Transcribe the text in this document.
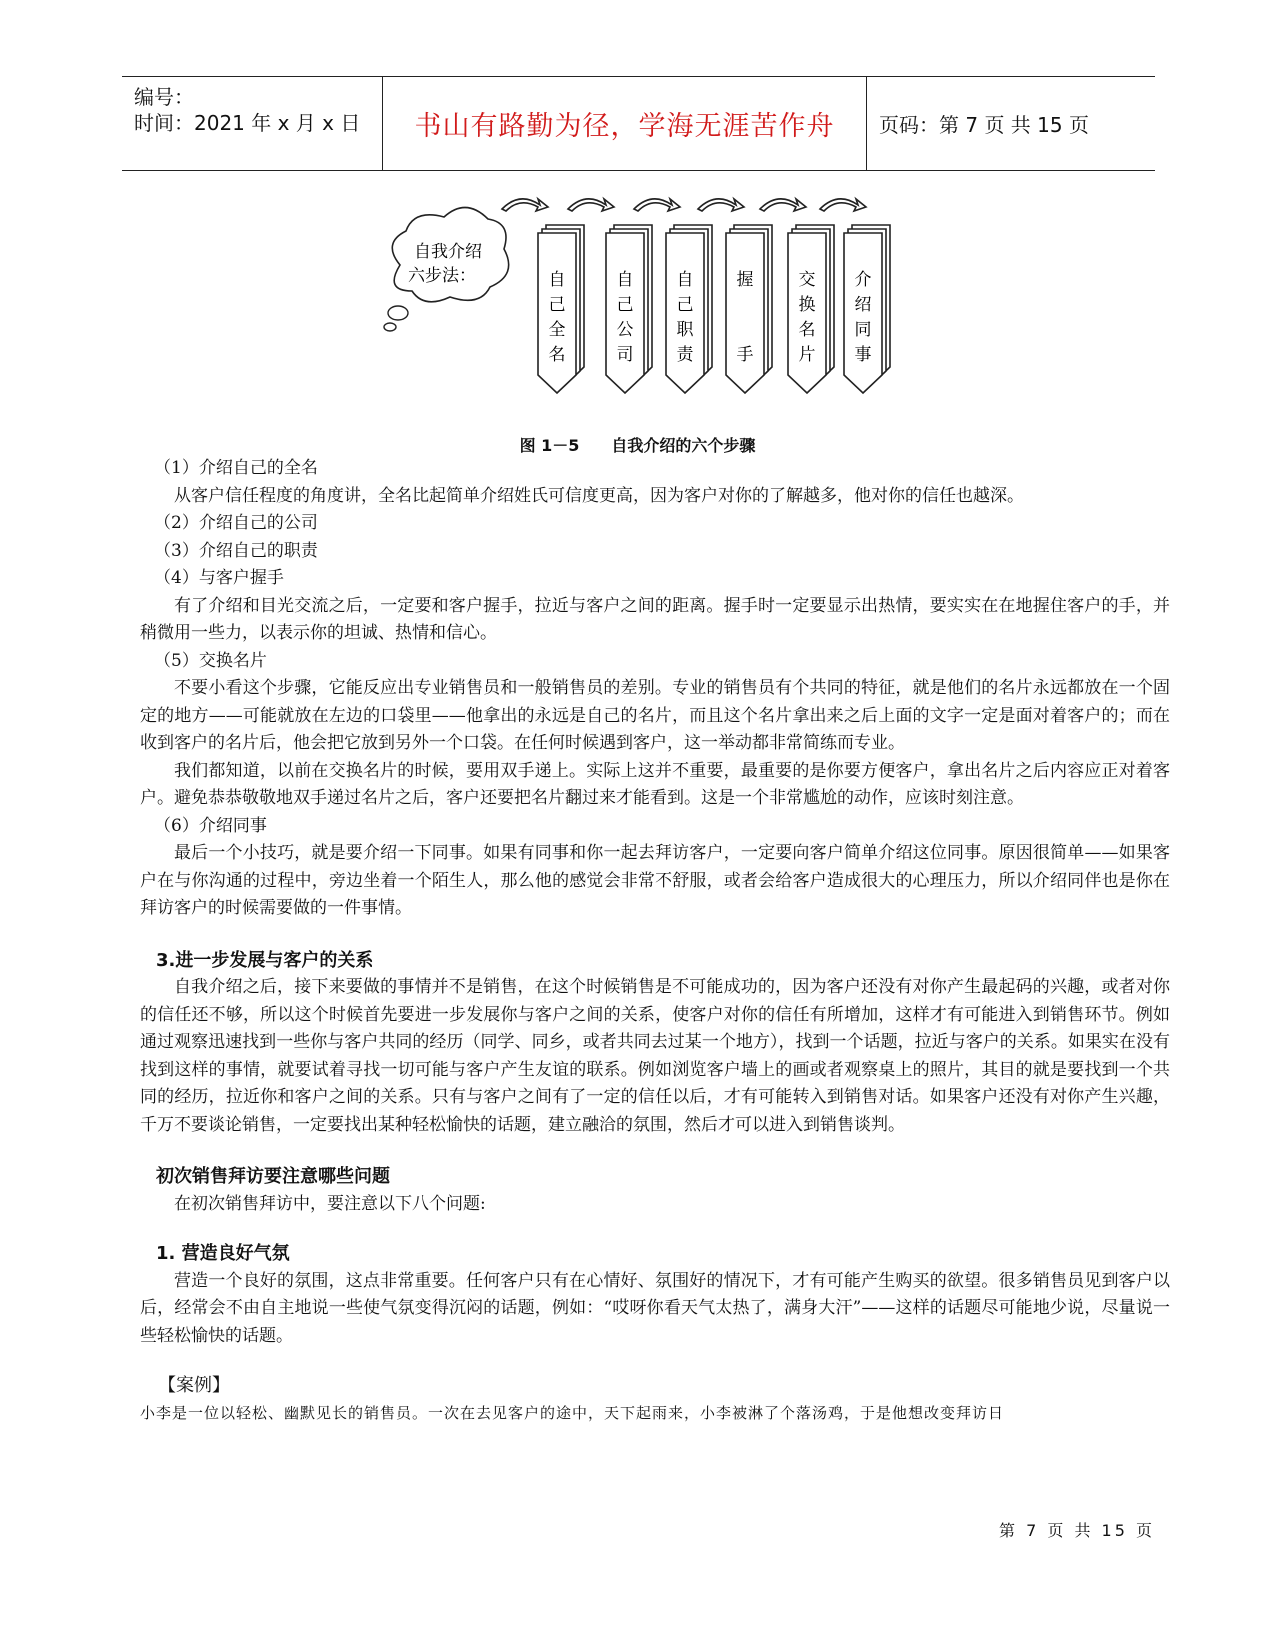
编号：
时间：2021 年 x 月 x 日 书山有路勤为径，学海无涯苦作舟 页码：第 7 页 共 15 页
自我介绍
六步法：	自
己
全
名
自
己
公
司
自
己
职
责
握
手
交
换
名
片
介
绍
同
事
图 1－5　　自我介绍的六个步骤

（1）介绍自己的全名

从客户信任程度的角度讲，全名比起简单介绍姓氏可信度更高，因为客户对你的了解越多，他对你的信任也越深。

（2）介绍自己的公司

（3）介绍自己的职责

（4）与客户握手

有了介绍和目光交流之后，一定要和客户握手，拉近与客户之间的距离。握手时一定要显示出热情，要实实在在地握住客户的手，并稍微用一些力，以表示你的坦诚、热情和信心。

（5）交换名片

不要小看这个步骤，它能反应出专业销售员和一般销售员的差别。专业的销售员有个共同的特征，就是他们的名片永远都放在一个固定的地方——可能就放在左边的口袋里——他拿出的永远是自己的名片，而且这个名片拿出来之后上面的文字一定是面对着客户的；而在收到客户的名片后，他会把它放到另外一个口袋。在任何时候遇到客户，这一举动都非常简练而专业。

我们都知道，以前在交换名片的时候，要用双手递上。实际上这并不重要，最重要的是你要方便客户，拿出名片之后内容应正对着客户。避免恭恭敬敬地双手递过名片之后，客户还要把名片翻过来才能看到。这是一个非常尴尬的动作，应该时刻注意。

（6）介绍同事

最后一个小技巧，就是要介绍一下同事。如果有同事和你一起去拜访客户，一定要向客户简单介绍这位同事。原因很简单——如果客户在与你沟通的过程中，旁边坐着一个陌生人，那么他的感觉会非常不舒服，或者会给客户造成很大的心理压力，所以介绍同伴也是你在拜访客户的时候需要做的一件事情。

3.进一步发展与客户的关系

自我介绍之后，接下来要做的事情并不是销售，在这个时候销售是不可能成功的，因为客户还没有对你产生最起码的兴趣，或者对你的信任还不够，所以这个时候首先要进一步发展你与客户之间的关系，使客户对你的信任有所增加，这样才有可能进入到销售环节。例如通过观察迅速找到一些你与客户共同的经历（同学、同乡，或者共同去过某一个地方），找到一个话题，拉近与客户的关系。如果实在没有找到这样的事情，就要试着寻找一切可能与客户产生友谊的联系。例如浏览客户墙上的画或者观察桌上的照片，其目的就是要找到一个共同的经历，拉近你和客户之间的关系。只有与客户之间有了一定的信任以后，才有可能转入到销售对话。如果客户还没有对你产生兴趣，千万不要谈论销售，一定要找出某种轻松愉快的话题，建立融洽的氛围，然后才可以进入到销售谈判。

初次销售拜访要注意哪些问题

在初次销售拜访中，要注意以下八个问题:

1. 营造良好气氛

营造一个良好的氛围，这点非常重要。任何客户只有在心情好、氛围好的情况下，才有可能产生购买的欲望。很多销售员见到客户以后，经常会不由自主地说一些使气氛变得沉闷的话题，例如：“哎呀你看天气太热了，满身大汗”——这样的话题尽可能地少说，尽量说一些轻松愉快的话题。

【案例】

小李是一位以轻松、幽默见长的销售员。一次在去见客户的途中，天下起雨来，小李被淋了个落汤鸡，于是他想改变拜访日

第 7 页 共 15 页
